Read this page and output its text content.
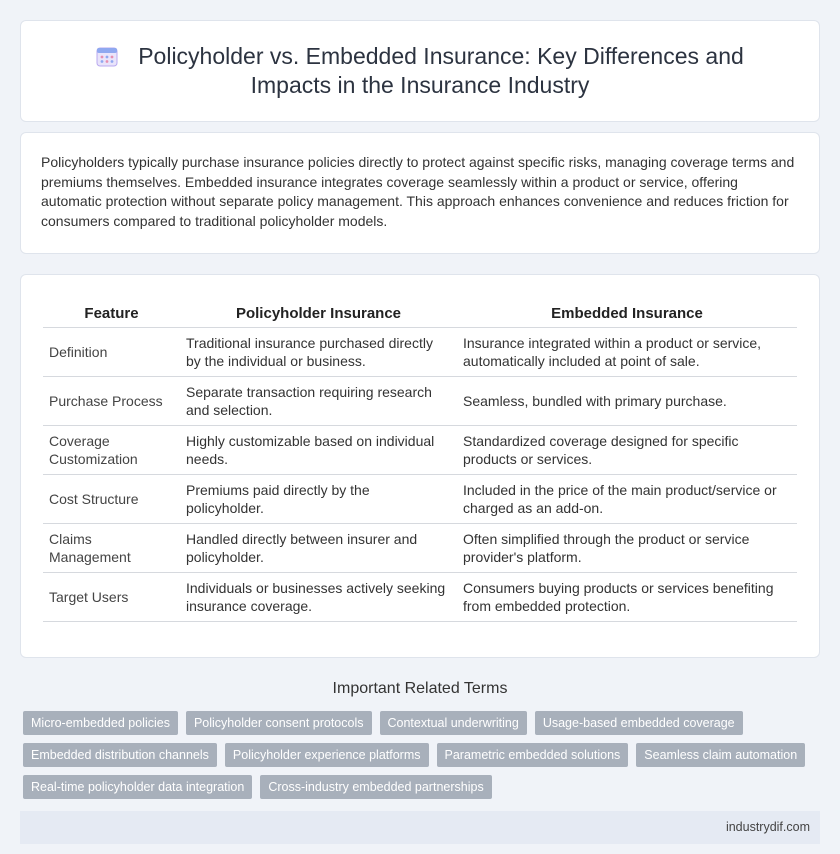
Policyholder vs. Embedded Insurance: Key Differences and Impacts in the Insurance Industry

Policyholders typically purchase insurance policies directly to protect against specific risks, managing coverage terms and premiums themselves. Embedded insurance integrates coverage seamlessly within a product or service, offering automatic protection without separate policy management. This approach enhances convenience and reduces friction for consumers compared to traditional policyholder models.

Feature	Policyholder Insurance	Embedded Insurance
Definition	Traditional insurance purchased directly by the individual or business.	Insurance integrated within a product or service, automatically included at point of sale.
Purchase Process	Separate transaction requiring research and selection.	Seamless, bundled with primary purchase.
Coverage Customization	Highly customizable based on individual needs.	Standardized coverage designed for specific products or services.
Cost Structure	Premiums paid directly by the policyholder.	Included in the price of the main product/service or charged as an add-on.
Claims Management	Handled directly between insurer and policyholder.	Often simplified through the product or service provider's platform.
Target Users	Individuals or businesses actively seeking insurance coverage.	Consumers buying products or services benefiting from embedded protection.
Important Related Terms
Micro-embedded policies	Policyholder consent protocols	Contextual underwriting	Usage-based embedded coverage
Embedded distribution channels	Policyholder experience platforms	Parametric embedded solutions	Seamless claim automation
Real-time policyholder data integration	Cross-industry embedded partnerships
industrydif.com
